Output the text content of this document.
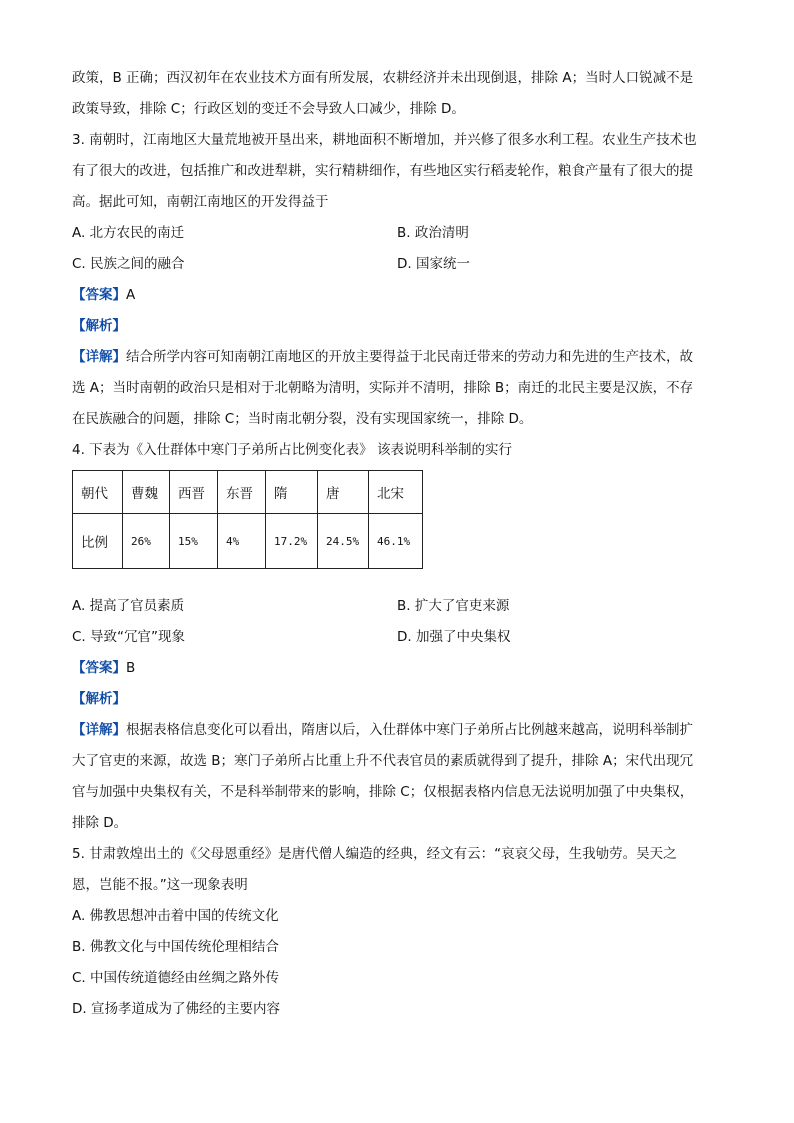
政策，B 正确；西汉初年在农业技术方面有所发展，农耕经济并未出现倒退，排除 A；当时人口锐减不是

政策导致，排除 C；行政区划的变迁不会导致人口减少，排除 D。

3. 南朝时，江南地区大量荒地被开垦出来，耕地面积不断增加，并兴修了很多水利工程。农业生产技术也

有了很大的改进，包括推广和改进犁耕，实行精耕细作，有些地区实行稻麦轮作，粮食产量有了很大的提

高。据此可知，南朝江南地区的开发得益于

A. 北方农民的南迁	B. 政治清明
C. 民族之间的融合	D. 国家统一

【答案】A

【解析】

【详解】结合所学内容可知南朝江南地区的开放主要得益于北民南迁带来的劳动力和先进的生产技术，故

选 A；当时南朝的政治只是相对于北朝略为清明，实际并不清明，排除 B；南迁的北民主要是汉族，不存

在民族融合的问题，排除 C；当时南北朝分裂，没有实现国家统一，排除 D。

4. 下表为《入仕群体中寒门子弟所占比例变化表》 该表说明科举制的实行

朝代	曹魏	西晋	东晋	隋	唐	北宋
比例	26%	15%	4%	17.2%	24.5%	46.1%
A. 提高了官员素质	B. 扩大了官吏来源
C. 导致“冗官”现象	D. 加强了中央集权

【答案】B

【解析】

【详解】根据表格信息变化可以看出，隋唐以后，入仕群体中寒门子弟所占比例越来越高，说明科举制扩

大了官吏的来源，故选 B；寒门子弟所占比重上升不代表官员的素质就得到了提升，排除 A；宋代出现冗

官与加强中央集权有关，不是科举制带来的影响，排除 C；仅根据表格内信息无法说明加强了中央集权，

排除 D。

5. 甘肃敦煌出土的《父母恩重经》是唐代僧人编造的经典，经文有云：“哀哀父母，生我劬劳。吴天之

恩，岂能不报。”这一现象表明

A. 佛教思想冲击着中国的传统文化
B. 佛教文化与中国传统伦理相结合
C. 中国传统道德经由丝绸之路外传
D. 宣扬孝道成为了佛经的主要内容
